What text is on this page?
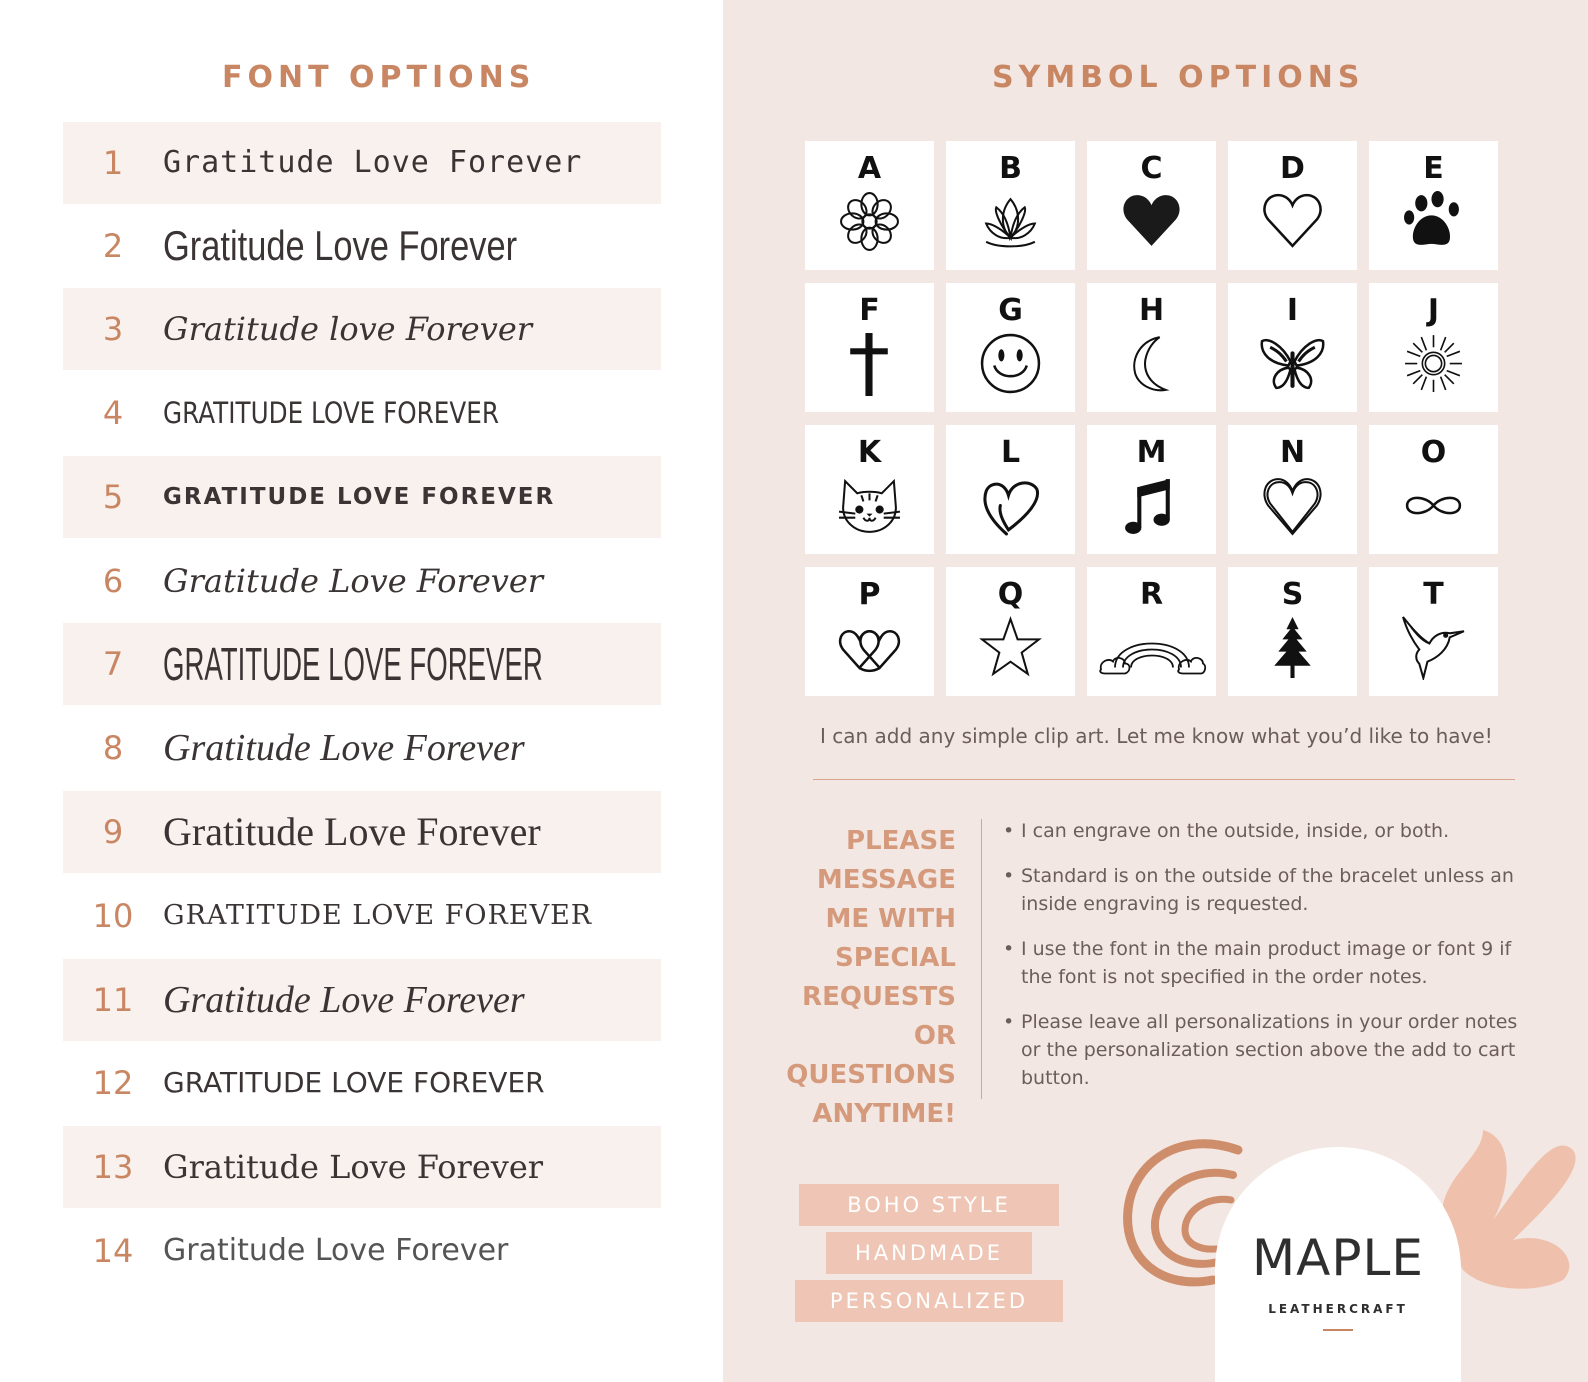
FONT OPTIONS
1	Gratitude Love Forever
2 Gratitude Love Forever
3	Gratitude love Forever
4	GRATITUDE LOVE FOREVER
5	GRATITUDE LOVE FOREVER
6	Gratitude Love Forever
7 GRATITUDE LOVE FOREVER
8	Gratitude Love Forever
9 Gratitude Love Forever
10	GRATITUDE LOVE FOREVER
11 Gratitude Love Forever
12	GRATITUDE LOVE FOREVER
13 Gratitude Love Forever
14 Gratitude Love Forever
SYMBOL OPTIONS
A	B	C	D	E
F	G	H	I	J
K	L	M	N	O
P	Q	R	S	T
I can add any simple clip art. Let me know what you’d like to have!
PLEASE
MESSAGE
ME WITH
SPECIAL
REQUESTS OR
QUESTIONS
ANYTIME!
• I can engrave on the outside, inside, or both.
• Standard is on the outside of the bracelet unless an inside engraving is requested.
• I use the font in the main product image or font 9 if the font is not specified in the order notes.
• Please leave all personalizations in your order notes or the personalization section above the add to cart button.
BOHO STYLE
HANDMADE
PERSONALIZED
MAPLE
LEATHERCRAFT
